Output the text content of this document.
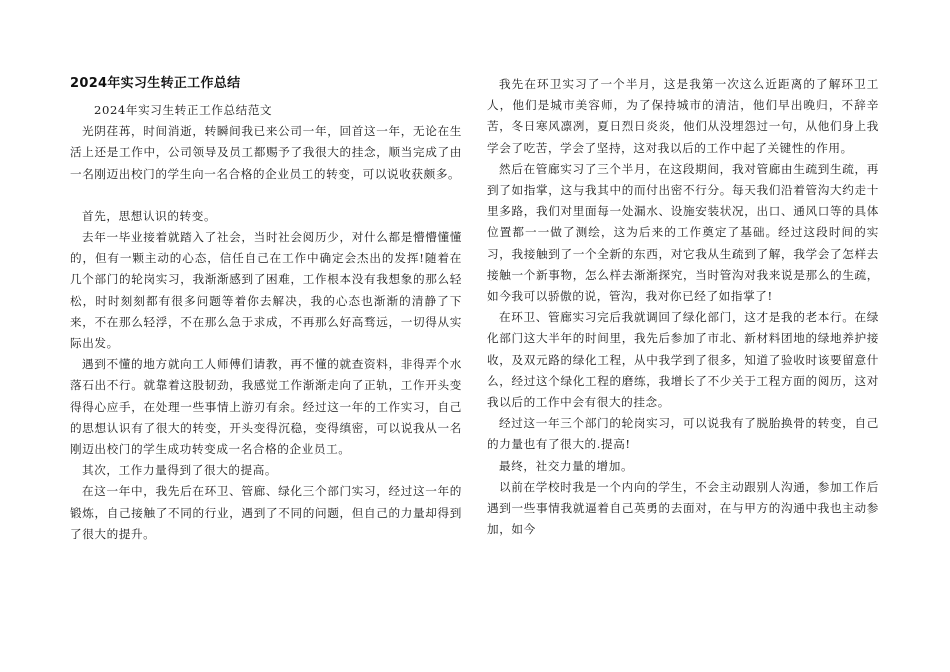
2024年实习生转正工作总结

2024年实习生转正工作总结范文

光阴荏苒，时间消逝，转瞬间我已来公司一年，回首这一年，无论在生活上还是工作中，公司领导及员工都赐予了我很大的挂念，顺当完成了由一名刚迈出校门的学生向一名合格的企业员工的转变，可以说收获颇多。

首先，思想认识的转变。

去年一毕业接着就踏入了社会，当时社会阅历少，对什么都是懵懵懂懂的，但有一颗主动的心态，信任自己在工作中确定会杰出的发挥!随着在几个部门的轮岗实习，我渐渐感到了困难，工作根本没有我想象的那么轻松，时时刻刻都有很多问题等着你去解决，我的心态也渐渐的清静了下来，不在那么轻浮，不在那么急于求成，不再那么好高骛远，一切得从实际出发。

遇到不懂的地方就向工人师傅们请教，再不懂的就查资料，非得弄个水落石出不行。就靠着这股韧劲，我感觉工作渐渐走向了正轨，工作开头变得得心应手，在处理一些事情上游刃有余。经过这一年的工作实习，自己的思想认识有了很大的转变，开头变得沉稳，变得缜密，可以说我从一名刚迈出校门的学生成功转变成一名合格的企业员工。

其次，工作力量得到了很大的提高。

在这一年中，我先后在环卫、管廊、绿化三个部门实习，经过这一年的锻炼，自己接触了不同的行业，遇到了不同的问题，但自己的力量却得到了很大的提升。

我先在环卫实习了一个半月，这是我第一次这么近距离的了解环卫工人，他们是城市美容师，为了保持城市的清洁，他们早出晚归，不辞辛苦，冬日寒风凛冽，夏日烈日炎炎，他们从没埋怨过一句，从他们身上我学会了吃苦，学会了坚持，这对我以后的工作中起了关键性的作用。

然后在管廊实习了三个半月，在这段期间，我对管廊由生疏到生疏，再到了如指掌，这与我其中的而付出密不行分。每天我们沿着管沟大约走十里多路，我们对里面每一处漏水、设施安装状况，出口、通风口等的具体位置都一一做了测绘，这为后来的工作奠定了基础。经过这段时间的实习，我接触到了一个全新的东西，对它我从生疏到了解，我学会了怎样去接触一个新事物，怎么样去渐渐探究，当时管沟对我来说是那么的生疏，如今我可以骄傲的说，管沟，我对你已经了如指掌了!

在环卫、管廊实习完后我就调回了绿化部门，这才是我的老本行。在绿化部门这大半年的时间里，我先后参加了市北、新材料团地的绿地养护接收，及双元路的绿化工程，从中我学到了很多，知道了验收时该要留意什么，经过这个绿化工程的磨练，我增长了不少关于工程方面的阅历，这对我以后的工作中会有很大的挂念。

经过这一年三个部门的轮岗实习，可以说我有了脱胎换骨的转变，自己的力量也有了很大的.提高!

最终，社交力量的增加。

以前在学校时我是一个内向的学生，不会主动跟别人沟通，参加工作后遇到一些事情我就逼着自己英勇的去面对，在与甲方的沟通中我也主动参加，如今
